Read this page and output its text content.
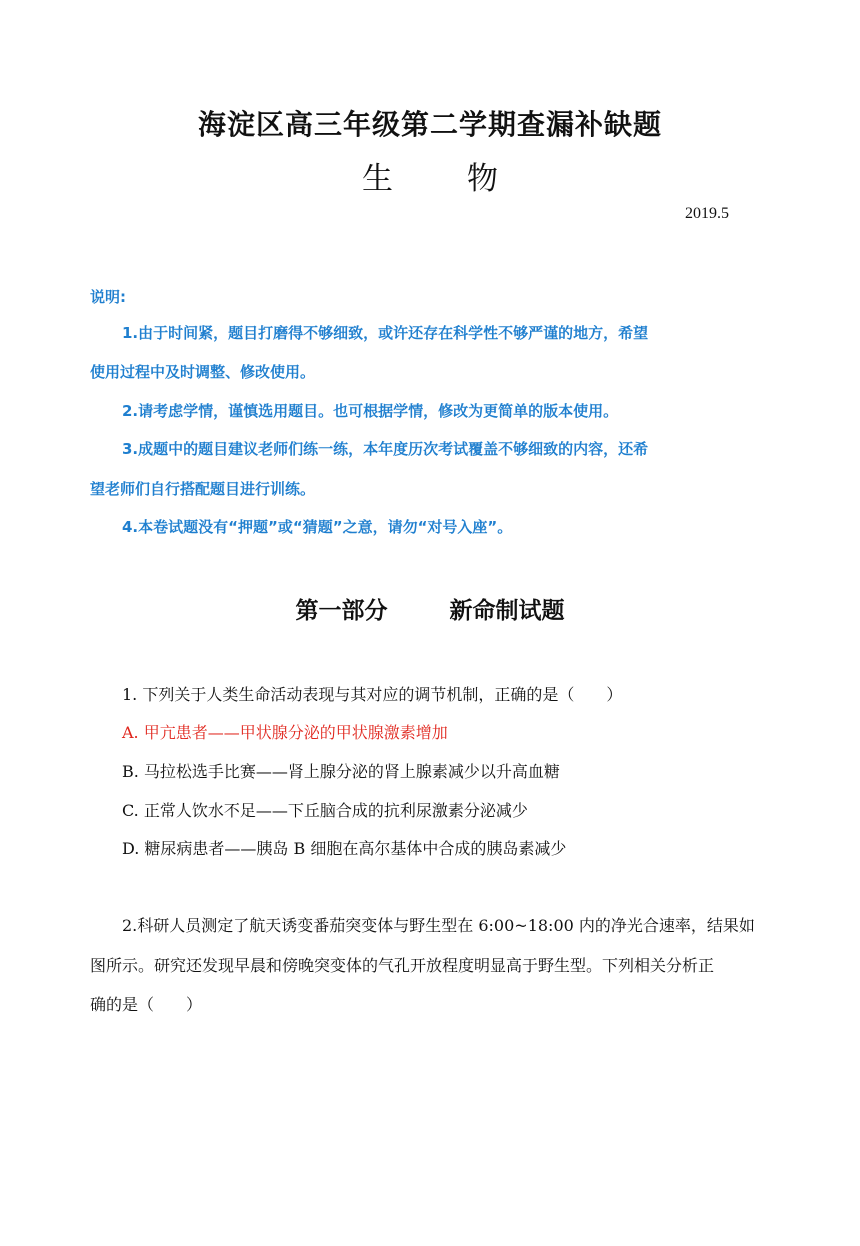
海淀区高三年级第二学期查漏补缺题
生 物
2019.5
说明:
1.由于时间紧，题目打磨得不够细致，或许还存在科学性不够严谨的地方，希望
使用过程中及时调整、修改使用。
2.请考虑学情，谨慎选用题目。也可根据学情，修改为更简单的版本使用。
3.成题中的题目建议老师们练一练，本年度历次考试覆盖不够细致的内容，还希
望老师们自行搭配题目进行训练。
4.本卷试题没有“押题”或“猜题”之意，请勿“对号入座”。
第一部分	新命制试题
1. 下列关于人类生命活动表现与其对应的调节机制，正确的是（　　）
A. 甲亢患者——甲状腺分泌的甲状腺激素增加
B. 马拉松选手比赛——肾上腺分泌的肾上腺素减少以升高血糖
C. 正常人饮水不足——下丘脑合成的抗利尿激素分泌减少
D. 糖尿病患者——胰岛 B 细胞在高尔基体中合成的胰岛素减少
2.科研人员测定了航天诱变番茄突变体与野生型在 6:00~18:00 内的净光合速率，结果如
图所示。研究还发现早晨和傍晚突变体的气孔开放程度明显高于野生型。下列相关分析正
确的是（　　）
